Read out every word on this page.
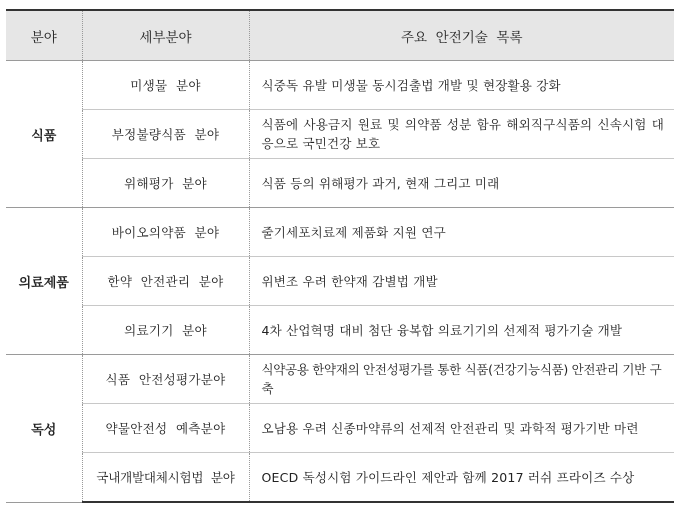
분야	세부분야	주요  안전기술  목록
식품	미생물  분야	식중독 유발 미생물 동시검출법 개발 및 현장활용 강화
	부정불량식품  분야	식품에 사용금지 원료 및 의약품 성분 함유 해외직구식품의 신속시험 대응으로 국민건강 보호
	위해평가  분야	식품 등의 위해평가 과거, 현재 그리고 미래
의료제품	바이오의약품  분야	줄기세포치료제 제품화 지원 연구
	한약  안전관리  분야	위변조 우려 한약재 감별법 개발
	의료기기  분야	4차 산업혁명 대비 첨단 융복합 의료기기의 선제적 평가기술 개발
독성	식품  안전성평가분야	식약공용 한약재의 안전성평가를 통한 식품(건강기능식품) 안전관리 기반 구축
	약물안전성  예측분야	오남용 우려 신종마약류의 선제적 안전관리 및 과학적 평가기반 마련
	국내개발대체시험법  분야	OECD 독성시험 가이드라인 제안과 함께 2017 러쉬 프라이즈 수상
